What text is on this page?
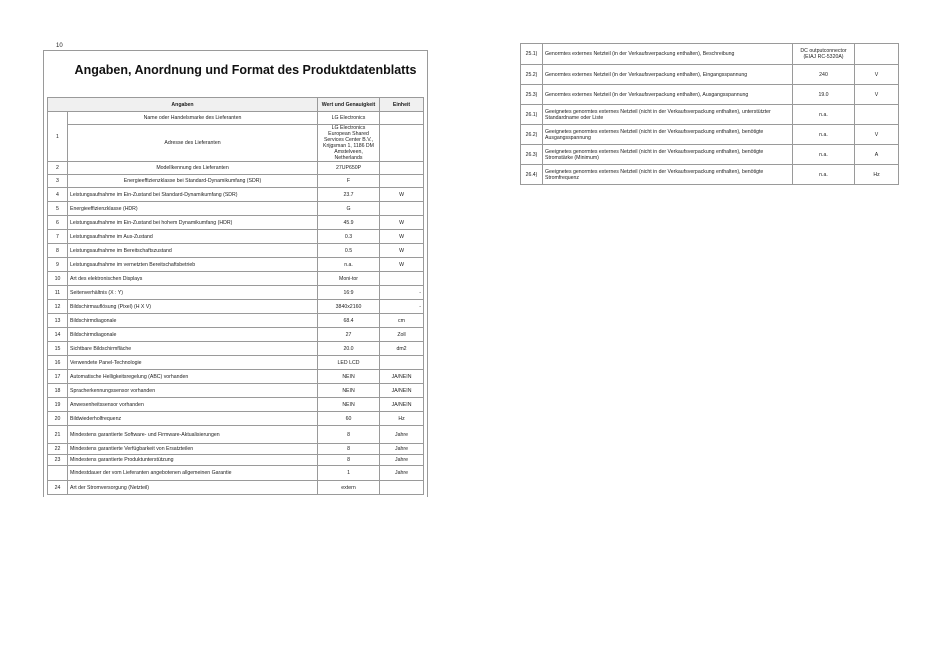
10
Angaben, Anordnung und Format des Produktdatenblatts
Angaben		Wert und Genauigkeit	Einheit
1	Name oder Handelsmarke des Lieferanten	LG Electronics	
	Adresse des Lieferanten	LG Electronics European Shared Services Center B.V., Krijgsman 1, 1186 DM Amstelveen, Netherlands	
2	Modellkennung des Lieferanten	27UP650P	
3	Energieeffizienzklasse bei Standard-Dynamikumfang (SDR)	F	
4	Leistungsaufnahme im Ein-Zustand bei Standard-Dynamikumfang (SDR)	23.7	W
5	Energieeffizienzklasse (HDR)	G	
6	Leistungsaufnahme im Ein-Zustand bei hohem Dynamikumfang (HDR)	45.9	W
7	Leistungsaufnahme im Aus-Zustand	0.3	W
8	Leistungsaufnahme im Bereitschaftszustand	0.5	W
9	Leistungsaufnahme im vernetzten Bereitschaftsbetrieb	n.a.	W
10	Art des elektronischen Displays	Moni-tor	
11	Seitenverhältnis (X : Y)	16:9	-
12	Bildschirmauflösung (Pixel) (H X V)	3840x2160	-
13	Bildschirmdiagonale	68.4	cm
14	Bildschirmdiagonale	27	Zoll
15	Sichtbare Bildschirmfläche	20.0	dm2
16	Verwendete Panel-Technologie	LED LCD	
17	Automatische Helligkeitsregelung (ABC) vorhanden	NEIN	JA/NEIN
18	Spracherkennungssensor vorhanden	NEIN	JA/NEIN
19	Anwesenheitssensor vorhanden	NEIN	JA/NEIN
20	Bildwiederholfrequenz	60	Hz
21	Mindestens garantierte Software- und Firmware-Aktualisierungen	8	Jahre
22	Mindestens garantierte Verfügbarkeit von Ersatzteilen	8	Jahre
23	Mindestens garantierte Produktunterstützung	8	Jahre
	Mindestdauer der vom Lieferanten angebotenen allgemeinen Garantie	1	Jahre
24	Art der Stromversorgung (Netzteil)	extern	
25.1)	Genormtes externes Netzteil (in der Verkaufsverpackung enthalten), Beschreibung	DC outputconnector (EIAJ RC-5320A)	
25.2)	Genormtes externes Netzteil (in der Verkaufsverpackung enthalten), Eingangsspannung	240	V
25.3)	Genormtes externes Netzteil (in der Verkaufsverpackung enthalten), Ausgangsspannung	19.0	V
26.1)	Geeignetes genormtes externes Netzteil (nicht in der Verkaufsverpackung enthalten), unterstützter Standardname oder Liste	n.a.	
26.2)	Geeignetes genormtes externes Netzteil (nicht in der Verkaufsverpackung enthalten), benötigte Ausgangsspannung	n.a.	V
26.3)	Geeignetes genormtes externes Netzteil (nicht in der Verkaufsverpackung enthalten), benötigte Stromstärke (Minimum)	n.a.	A
26.4)	Geeignetes genormtes externes Netzteil (nicht in der Verkaufsverpackung enthalten), benötigte Stromfrequenz	n.a.	Hz
